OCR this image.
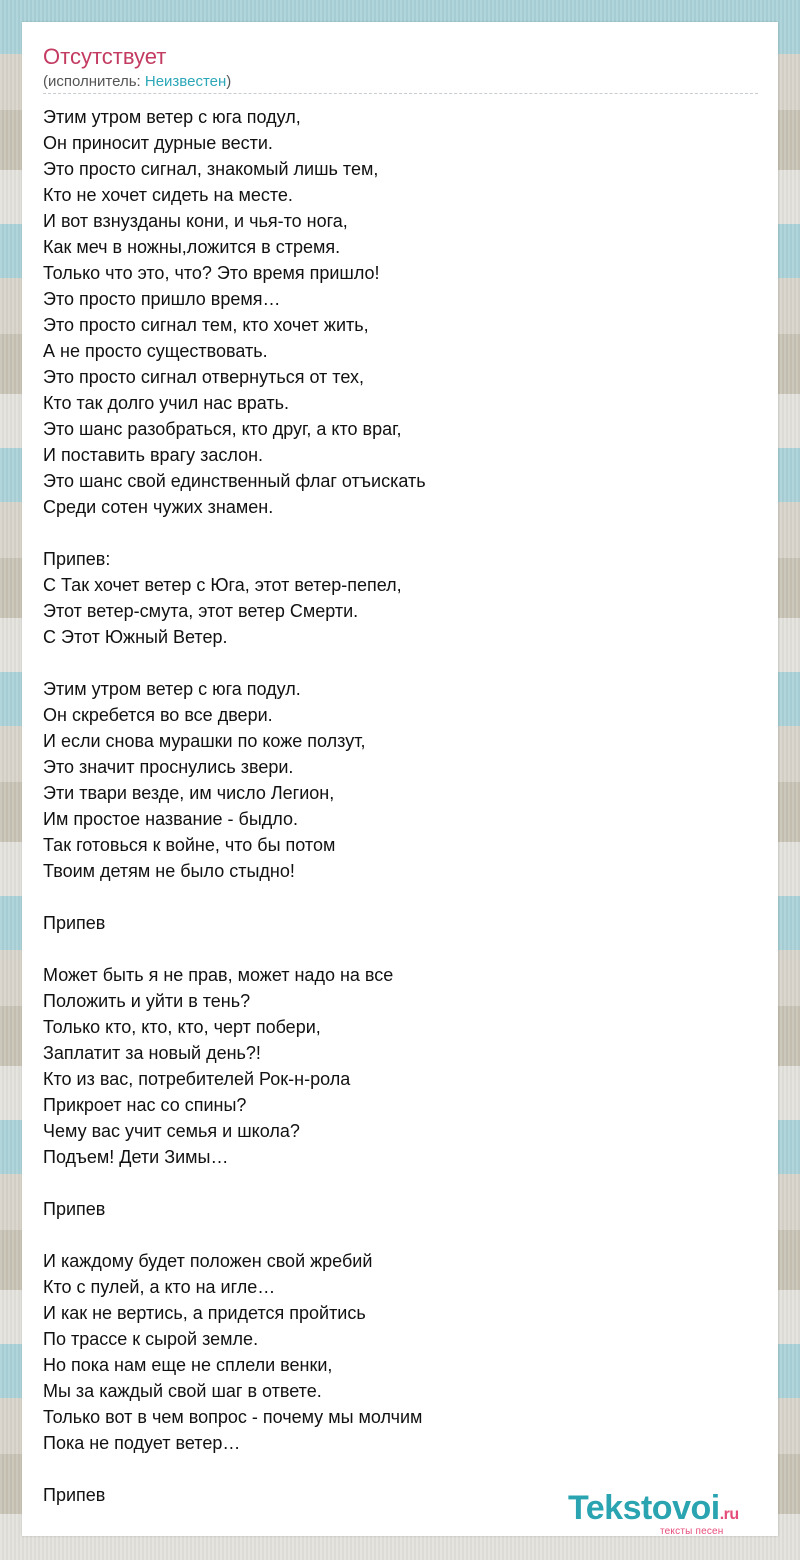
Отсутствует
(исполнитель: Неизвестен)
Этим утром ветер с юга подул,
Он приносит дурные вести.
Это просто сигнал, знакомый лишь тем,
Кто не хочет сидеть на месте.
И вот взнузданы кони, и чья-то нога,
Как меч в ножны,ложится в стремя.
Только что это, что? Это время пришло!
Это просто пришло время…
Это просто сигнал тем, кто хочет жить,
А не просто существовать.
Это просто сигнал отвернуться от тех,
Кто так долго учил нас врать.
Это шанс разобраться, кто друг, а кто враг,
И поставить врагу заслон.
Это шанс свой единственный флаг отъискать
Среди сотен чужих знамен.
Припев:
С Так хочет ветер с Юга, этот ветер-пепел,
Этот ветер-смута, этот ветер Смерти.
С Этот Южный Ветер.
Этим утром ветер с юга подул.
Он скребется во все двери.
И если снова мурашки по коже ползут,
Это значит проснулись звери.
Эти твари везде, им число Легион,
Им простое название - быдло.
Так готовься к войне, что бы потом
Твоим детям не было стыдно!
Припев
Может быть я не прав, может надо на все
Положить и уйти в тень?
Только кто, кто, кто, черт побери,
Заплатит за новый день?!
Кто из вас, потребителей Рок-н-рола
Прикроет нас со спины?
Чему вас учит семья и школа?
Подъем! Дети Зимы…
Припев
И каждому будет положен свой жребий
Кто с пулей, а кто на игле…
И как не вертись, а придется пройтись
По трассе к сырой земле.
Но пока нам еще не сплели венки,
Мы за каждый свой шаг в ответе.
Только вот в чем вопрос - почему мы молчим
Пока не подует ветер…
Припев	Tekstovoi.ru
тексты песен
